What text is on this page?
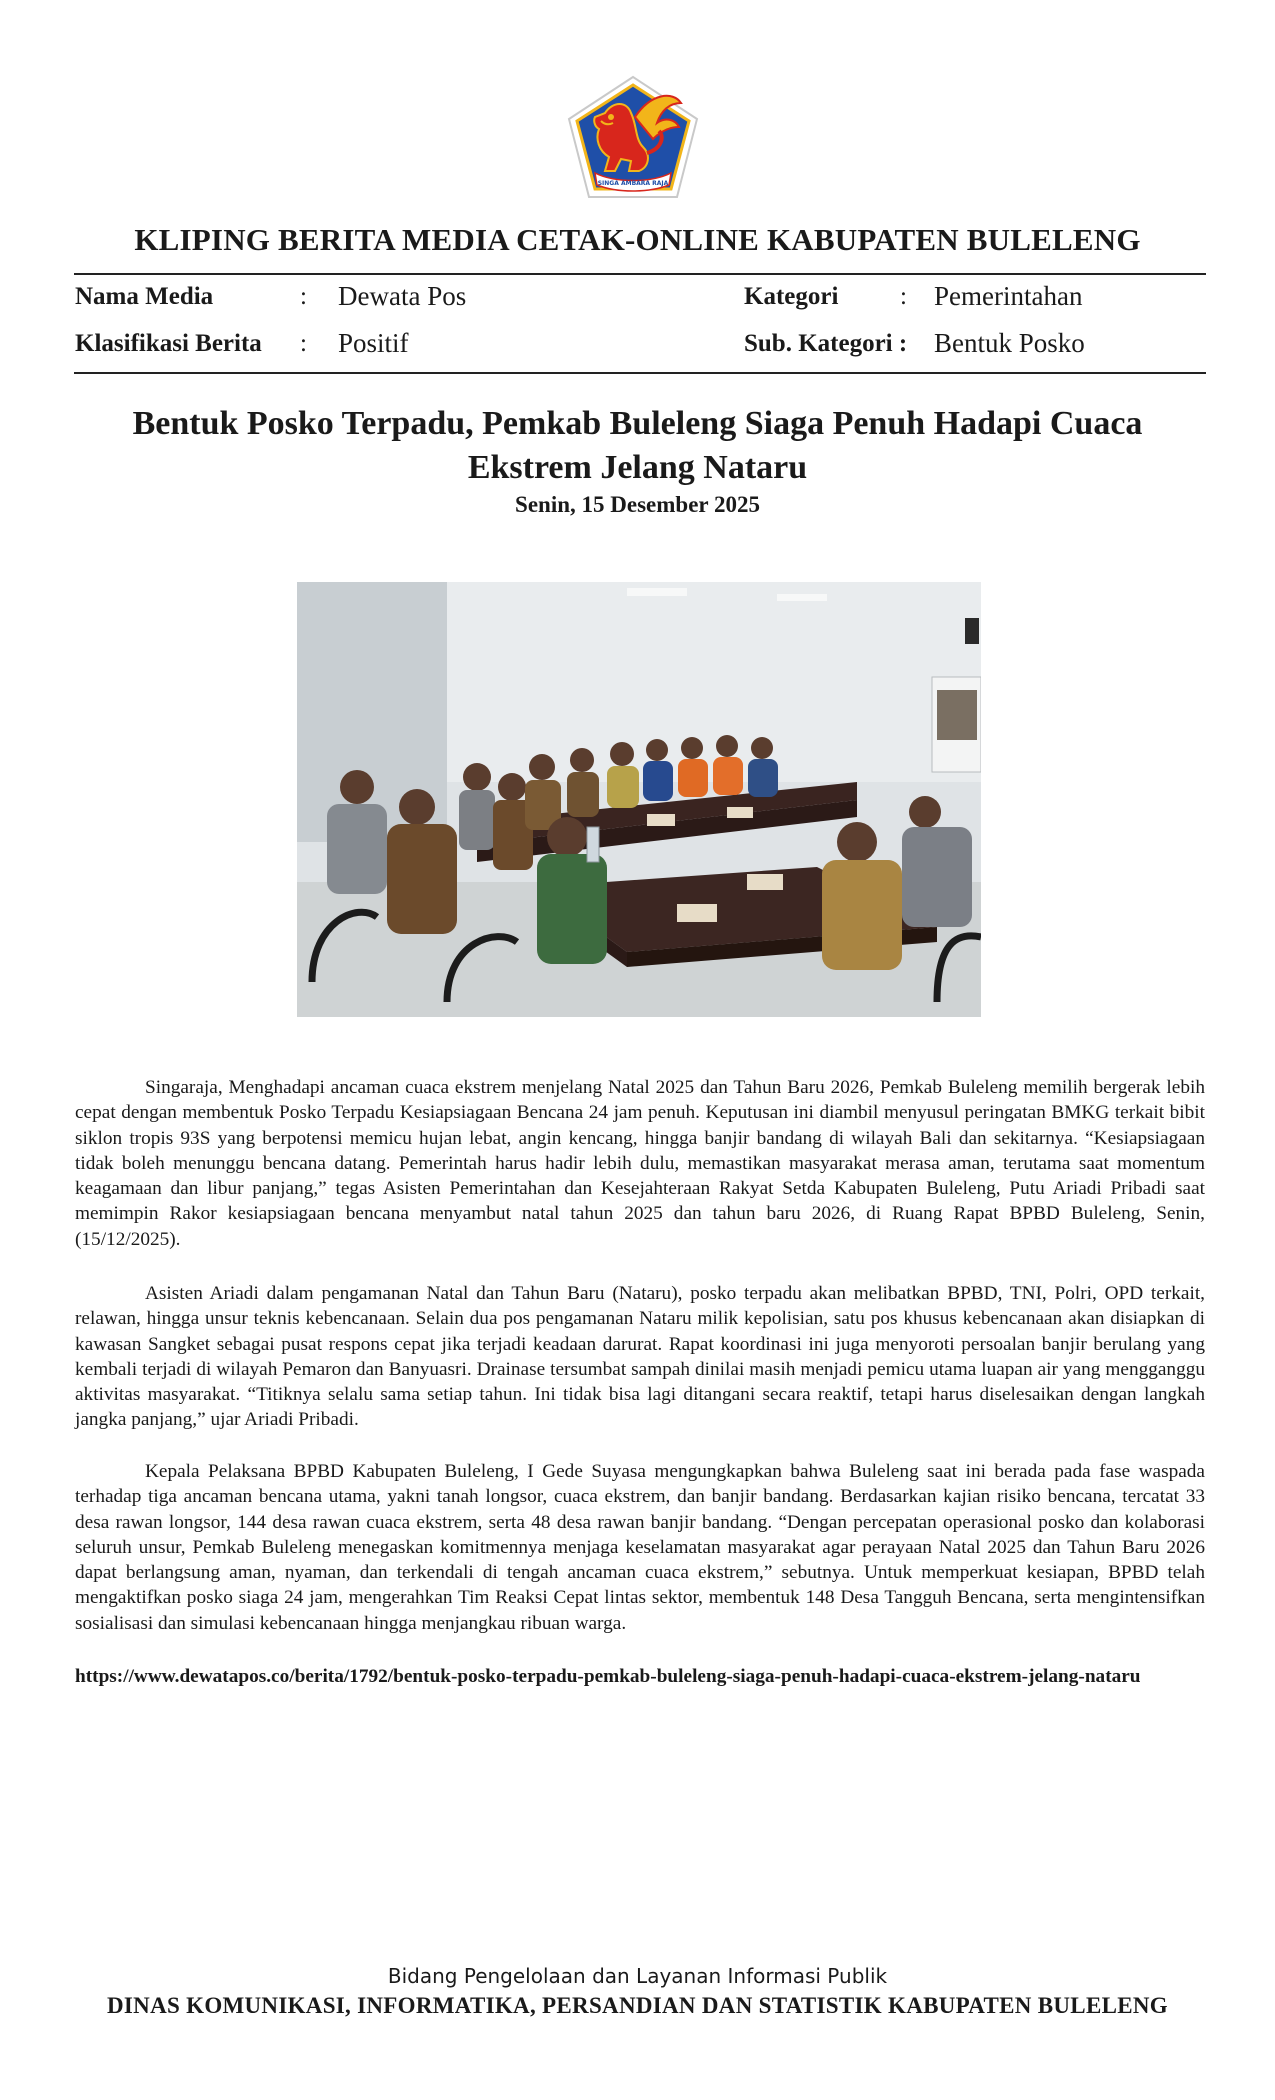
SINGA AMBARA RAJA
KLIPING BERITA MEDIA CETAK-ONLINE KABUPATEN BULELENG
Nama Media	: Dewata Pos	Kategori : Pemerintahan
Klasifikasi Berita : Positif	Sub. Kategori : Bentuk Posko
Bentuk Posko Terpadu, Pemkab Buleleng Siaga Penuh Hadapi Cuaca Ekstrem Jelang Nataru
Senin, 15 Desember 2025

Singaraja, Menghadapi ancaman cuaca ekstrem menjelang Natal 2025 dan Tahun Baru 2026, Pemkab Buleleng memilih bergerak lebih cepat dengan membentuk Posko Terpadu Kesiapsiagaan Bencana 24 jam penuh. Keputusan ini diambil menyusul peringatan BMKG terkait bibit siklon tropis 93S yang berpotensi memicu hujan lebat, angin kencang, hingga banjir bandang di wilayah Bali dan sekitarnya. “Kesiapsiagaan tidak boleh menunggu bencana datang. Pemerintah harus hadir lebih dulu, memastikan masyarakat merasa aman, terutama saat momentum keagamaan dan libur panjang,” tegas Asisten Pemerintahan dan Kesejahteraan Rakyat Setda Kabupaten Buleleng, Putu Ariadi Pribadi saat memimpin Rakor kesiapsiagaan bencana menyambut natal tahun 2025 dan tahun baru 2026, di Ruang Rapat BPBD Buleleng, Senin, (15/12/2025).

Asisten Ariadi dalam pengamanan Natal dan Tahun Baru (Nataru), posko terpadu akan melibatkan BPBD, TNI, Polri, OPD terkait, relawan, hingga unsur teknis kebencanaan. Selain dua pos pengamanan Nataru milik kepolisian, satu pos khusus kebencanaan akan disiapkan di kawasan Sangket sebagai pusat respons cepat jika terjadi keadaan darurat. Rapat koordinasi ini juga menyoroti persoalan banjir berulang yang kembali terjadi di wilayah Pemaron dan Banyuasri. Drainase tersumbat sampah dinilai masih menjadi pemicu utama luapan air yang mengganggu aktivitas masyarakat. “Titiknya selalu sama setiap tahun. Ini tidak bisa lagi ditangani secara reaktif, tetapi harus diselesaikan dengan langkah jangka panjang,” ujar Ariadi Pribadi.

Kepala Pelaksana BPBD Kabupaten Buleleng, I Gede Suyasa mengungkapkan bahwa Buleleng saat ini berada pada fase waspada terhadap tiga ancaman bencana utama, yakni tanah longsor, cuaca ekstrem, dan banjir bandang. Berdasarkan kajian risiko bencana, tercatat 33 desa rawan longsor, 144 desa rawan cuaca ekstrem, serta 48 desa rawan banjir bandang. “Dengan percepatan operasional posko dan kolaborasi seluruh unsur, Pemkab Buleleng menegaskan komitmennya menjaga keselamatan masyarakat agar perayaan Natal 2025 dan Tahun Baru 2026 dapat berlangsung aman, nyaman, dan terkendali di tengah ancaman cuaca ekstrem,” sebutnya. Untuk memperkuat kesiapan, BPBD telah mengaktifkan posko siaga 24 jam, mengerahkan Tim Reaksi Cepat lintas sektor, membentuk 148 Desa Tangguh Bencana, serta mengintensifkan sosialisasi dan simulasi kebencanaan hingga menjangkau ribuan warga.

https://www.dewatapos.co/berita/1792/bentuk-posko-terpadu-pemkab-buleleng-siaga-penuh-hadapi-cuaca-ekstrem-jelang-nataru
Bidang Pengelolaan dan Layanan Informasi Publik
DINAS KOMUNIKASI, INFORMATIKA, PERSANDIAN DAN STATISTIK KABUPATEN BULELENG
